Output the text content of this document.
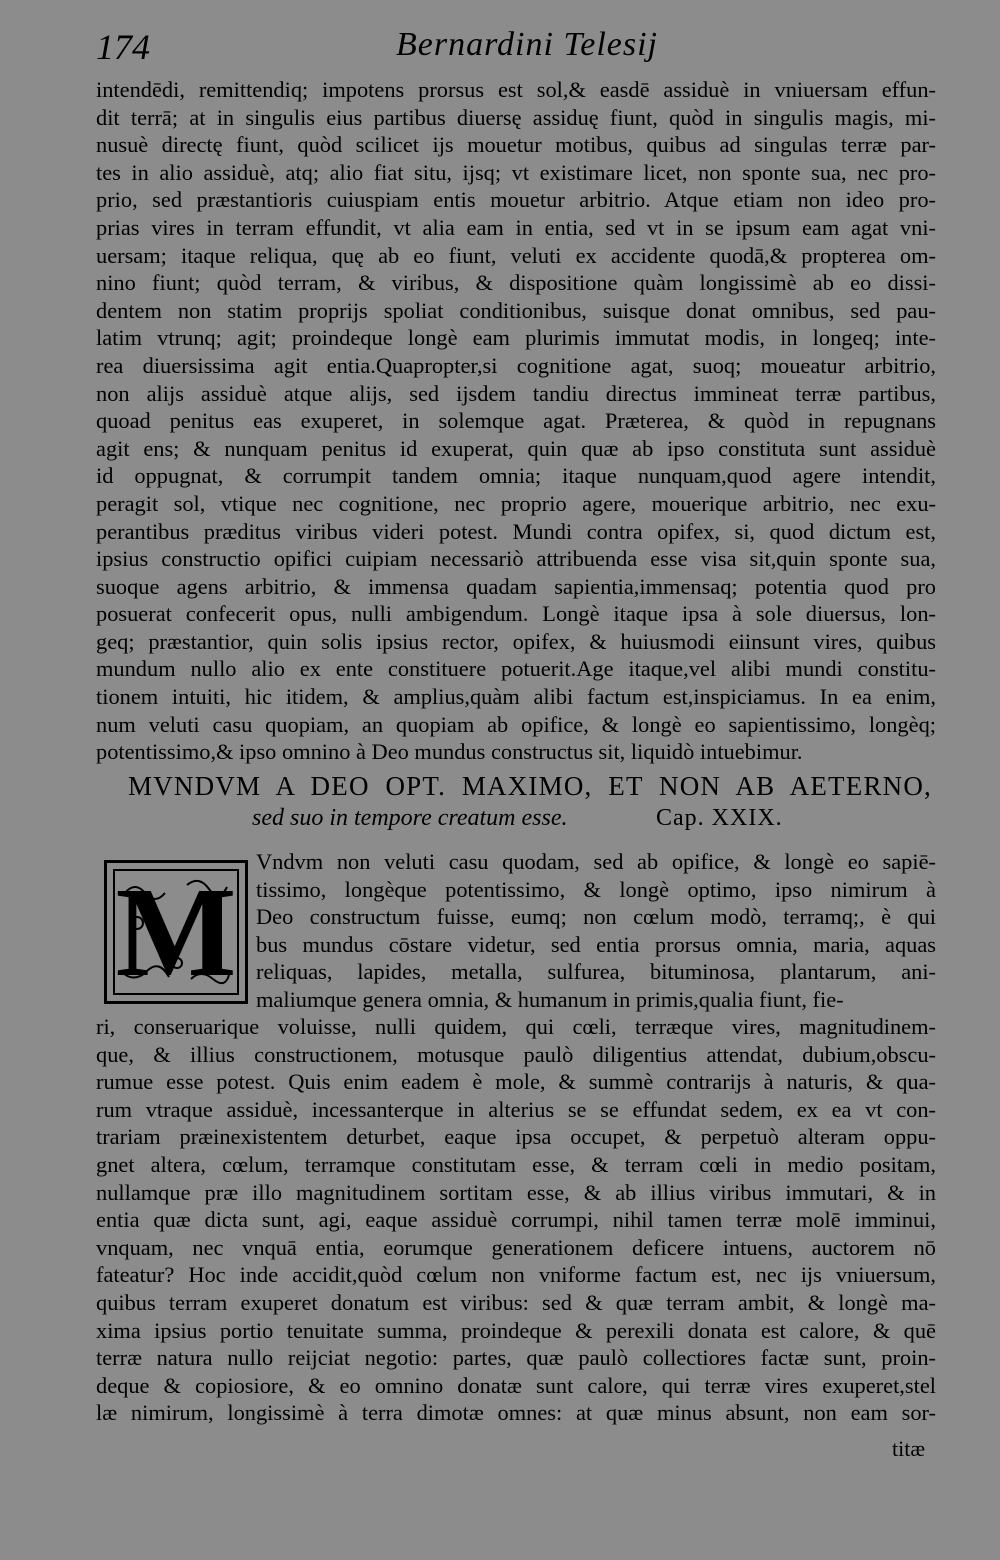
174	Bernardini Telesij
intendēdi, remittendiq; impotens prorsus est sol,& easdē assiduè in vniuersam effun-
dit terrā; at in singulis eius partibus diuersę assiduę fiunt, quòd in singulis magis, mi-
nusuè directę fiunt, quòd scilicet ijs mouetur motibus, quibus ad singulas terræ par-
tes in alio assiduè, atq; alio fiat situ, ijsq; vt existimare licet, non sponte sua, nec pro-
prio, sed præstantioris cuiuspiam entis mouetur arbitrio. Atque etiam non ideo pro-
prias vires in terram effundit, vt alia eam in entia, sed vt in se ipsum eam agat vni-
uersam; itaque reliqua, quę ab eo fiunt, veluti ex accidente quodā,& propterea om-
nino fiunt; quòd terram, & viribus, & dispositione quàm longissimè ab eo dissi-
dentem non statim proprijs spoliat conditionibus, suisque donat omnibus, sed pau-
latim vtrunq; agit; proindeque longè eam plurimis immutat modis, in longeq; inte-
rea diuersissima agit entia.Quapropter,si cognitione agat, suoq; moueatur arbitrio,
non alijs assiduè atque alijs, sed ijsdem tandiu directus immineat terræ partibus,
quoad penitus eas exuperet, in solemque agat. Præterea, & quòd in repugnans
agit ens; & nunquam penitus id exuperat, quin quæ ab ipso constituta sunt assiduè
id oppugnat, & corrumpit tandem omnia; itaque nunquam,quod agere intendit,
peragit sol, vtique nec cognitione, nec proprio agere, mouerique arbitrio, nec exu-
perantibus præditus viribus videri potest. Mundi contra opifex, si, quod dictum est,
ipsius constructio opifici cuipiam necessariò attribuenda esse visa sit,quin sponte sua,
suoque agens arbitrio, & immensa quadam sapientia,immensaq; potentia quod pro
posuerat confecerit opus, nulli ambigendum. Longè itaque ipsa à sole diuersus, lon-
geq; præstantior, quin solis ipsius rector, opifex, & huiusmodi eiinsunt vires, quibus
mundum nullo alio ex ente constituere potuerit.Age itaque,vel alibi mundi constitu-
tionem intuiti, hic itidem, & amplius,quàm alibi factum est,inspiciamus. In ea enim,
num veluti casu quopiam, an quopiam ab opifice, & longè eo sapientissimo, longèq;
potentissimo,& ipso omnino à Deo mundus constructus sit, liquidò intuebimur.
MVNDVM A DEO OPT. MAXIMO, ET NON AB AETERNO,
sed suo in tempore creatum esse.	Cap. XXIX.
M Vndvm non veluti casu quodam, sed ab opifice, & longè eo sapiē-
tissimo, longèque potentissimo, & longè optimo, ipso nimirum à
Deo constructum fuisse, eumq; non cœlum modò, terramq;, è qui
bus mundus cōstare videtur, sed entia prorsus omnia, maria, aquas
reliquas, lapides, metalla, sulfurea, bituminosa, plantarum, ani-
maliumque genera omnia, & humanum in primis,qualia fiunt, fie-
ri, conseruarique voluisse, nulli quidem, qui cœli, terræque vires, magnitudinem-
que, & illius constructionem, motusque paulò diligentius attendat, dubium,obscu-
rumue esse potest. Quis enim eadem è mole, & summè contrarijs à naturis, & qua-
rum vtraque assiduè, incessanterque in alterius se se effundat sedem, ex ea vt con-
trariam præinexistentem deturbet, eaque ipsa occupet, & perpetuò alteram oppu-
gnet altera, cœlum, terramque constitutam esse, & terram cœli in medio positam,
nullamque præ illo magnitudinem sortitam esse, & ab illius viribus immutari, & in
entia quæ dicta sunt, agi, eaque assiduè corrumpi, nihil tamen terræ molē imminui,
vnquam, nec vnquā entia, eorumque generationem deficere intuens, auctorem nō
fateatur? Hoc inde accidit,quòd cœlum non vniforme factum est, nec ijs vniuersum,
quibus terram exuperet donatum est viribus: sed & quæ terram ambit, & longè ma-
xima ipsius portio tenuitate summa, proindeque & perexili donata est calore, & quē
terræ natura nullo reijciat negotio: partes, quæ paulò collectiores factæ sunt, proin-
deque & copiosiore, & eo omnino donatæ sunt calore, qui terræ vires exuperet,stel
læ nimirum, longissimè à terra dimotæ omnes: at quæ minus absunt, non eam sor-
titæ
